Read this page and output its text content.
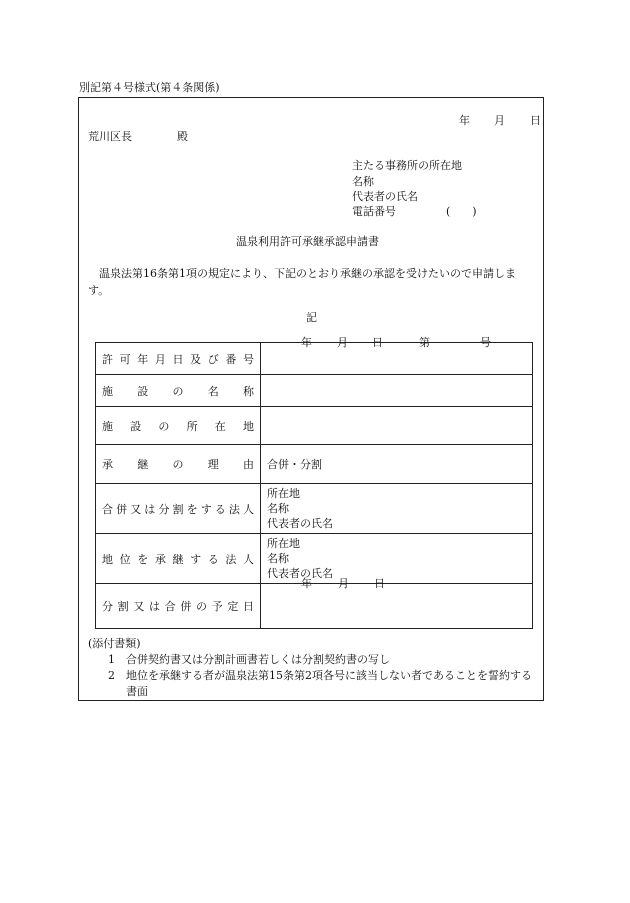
別記第４号様式(第４条関係)
年 月 日
荒川区長	殿
主たる事務所の所在地
名称
代表者の氏名
電話番号	(　　)
温泉利用許可承継承認申請書
温泉法第16条第1項の規定により、下記のとおり承継の承認を受けたいので申請します。
記
許可年月日及び番号	年 月 日 第 号

施設の名称	
施設の所在地	
承継の理由	合併・分割
合併又は分割をする法人	所在地
名称
代表者の氏名

地位を承継する法人	所在地
名称
代表者の氏名

分割又は合併の予定日	年 月 日
(添付書類)
1　 合併契約書又は分割計画書若しくは分割契約書の写し
2　 地位を承継する者が温泉法第15条第2項各号に該当しない者であることを誓約する書面
